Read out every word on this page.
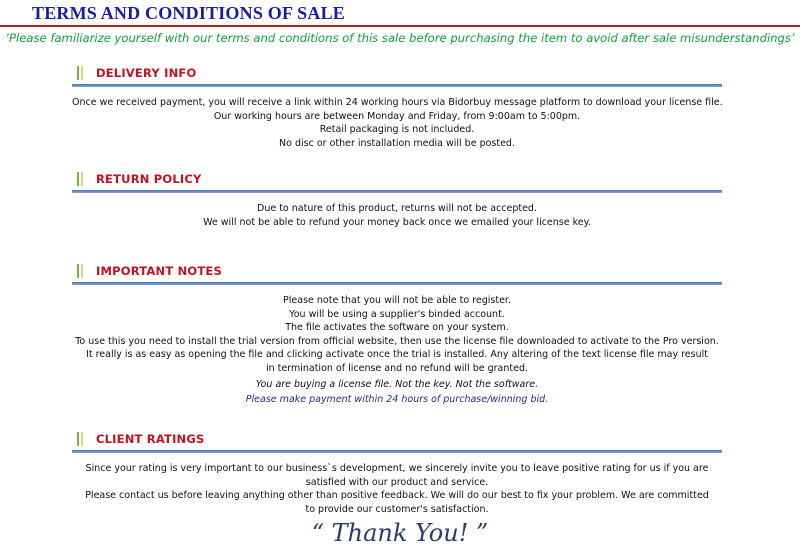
TERMS AND CONDITIONS OF SALE
‘Please familiarize yourself with our terms and conditions of this sale before purchasing the item to avoid after sale misunderstandings’
DELIVERY INFO
Once we received payment, you will receive a link within 24 working hours via Bidorbuy message platform to download your license file.
Our working hours are between Monday and Friday, from 9:00am to 5:00pm.
Retail packaging is not included.
No disc or other installation media will be posted.
RETURN POLICY
Due to nature of this product, returns will not be accepted.
We will not be able to refund your money back once we emailed your license key.
IMPORTANT NOTES
Please note that you will not be able to register.
You will be using a supplier's binded account.
The file activates the software on your system.
To use this you need to install the trial version from official website, then use the license file downloaded to activate to the Pro version.
It really is as easy as opening the file and clicking activate once the trial is installed. Any altering of the text license file may result
in termination of license and no refund will be granted.
You are buying a license file. Not the key. Not the software.
Please make payment within 24 hours of purchase/winning bid.
CLIENT RATINGS
Since your rating is very important to our business`s development, we sincerely invite you to leave positive rating for us if you are
satisfied with our product and service.
Please contact us before leaving anything other than positive feedback. We will do our best to fix your problem. We are committed
to provide our customer's satisfaction.
“ Thank You! ”
